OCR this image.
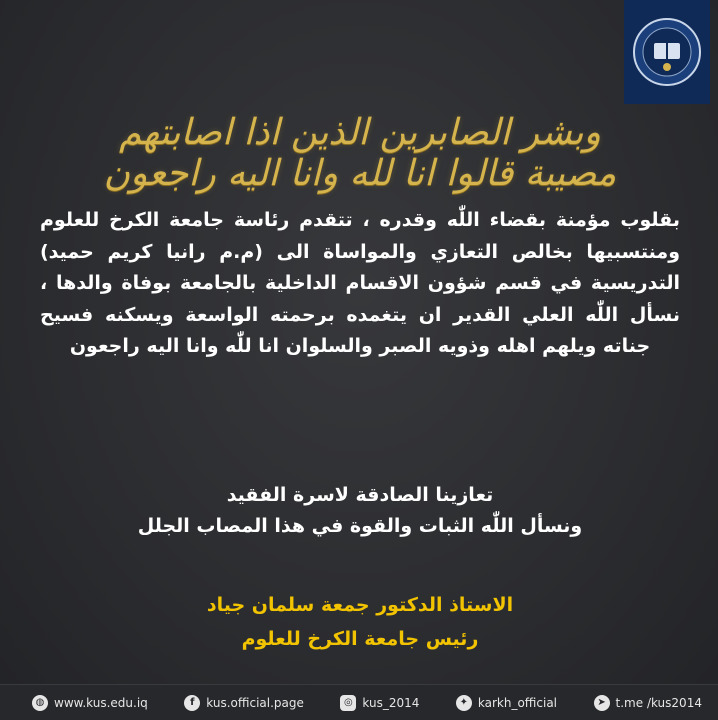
وبشر الصابرين الذين اذا اصابتهم مصيبة قالوا انا لله وانا اليه راجعون

بقلوب مؤمنة بقضاء اللّٰه وقدره ، تتقدم رئاسة جامعة الكرخ للعلوم ومنتسبيها بخالص التعازي والمواساة الى (م.م رانيا كريم حميد) التدريسية في قسم شؤون الاقسام الداخلية بالجامعة بوفاة والدها ، نسأل اللّٰه العلي القدير ان يتغمده برحمته الواسعة ويسكنه فسيح جناته ويلهم اهله وذويه الصبر والسلوان انا للّٰه وانا اليه راجعون

تعازينا الصادقة لاسرة الفقيد
ونسأل اللّٰه الثبات والقوة في هذا المصاب الجلل
الاستاذ الدكتور جمعة سلمان جياد
رئيس جامعة الكرخ للعلوم
◍ www.kus.edu.iq	f kus.official.page	◎ kus_2014	✦ karkh_official	➤ t.me /kus2014
